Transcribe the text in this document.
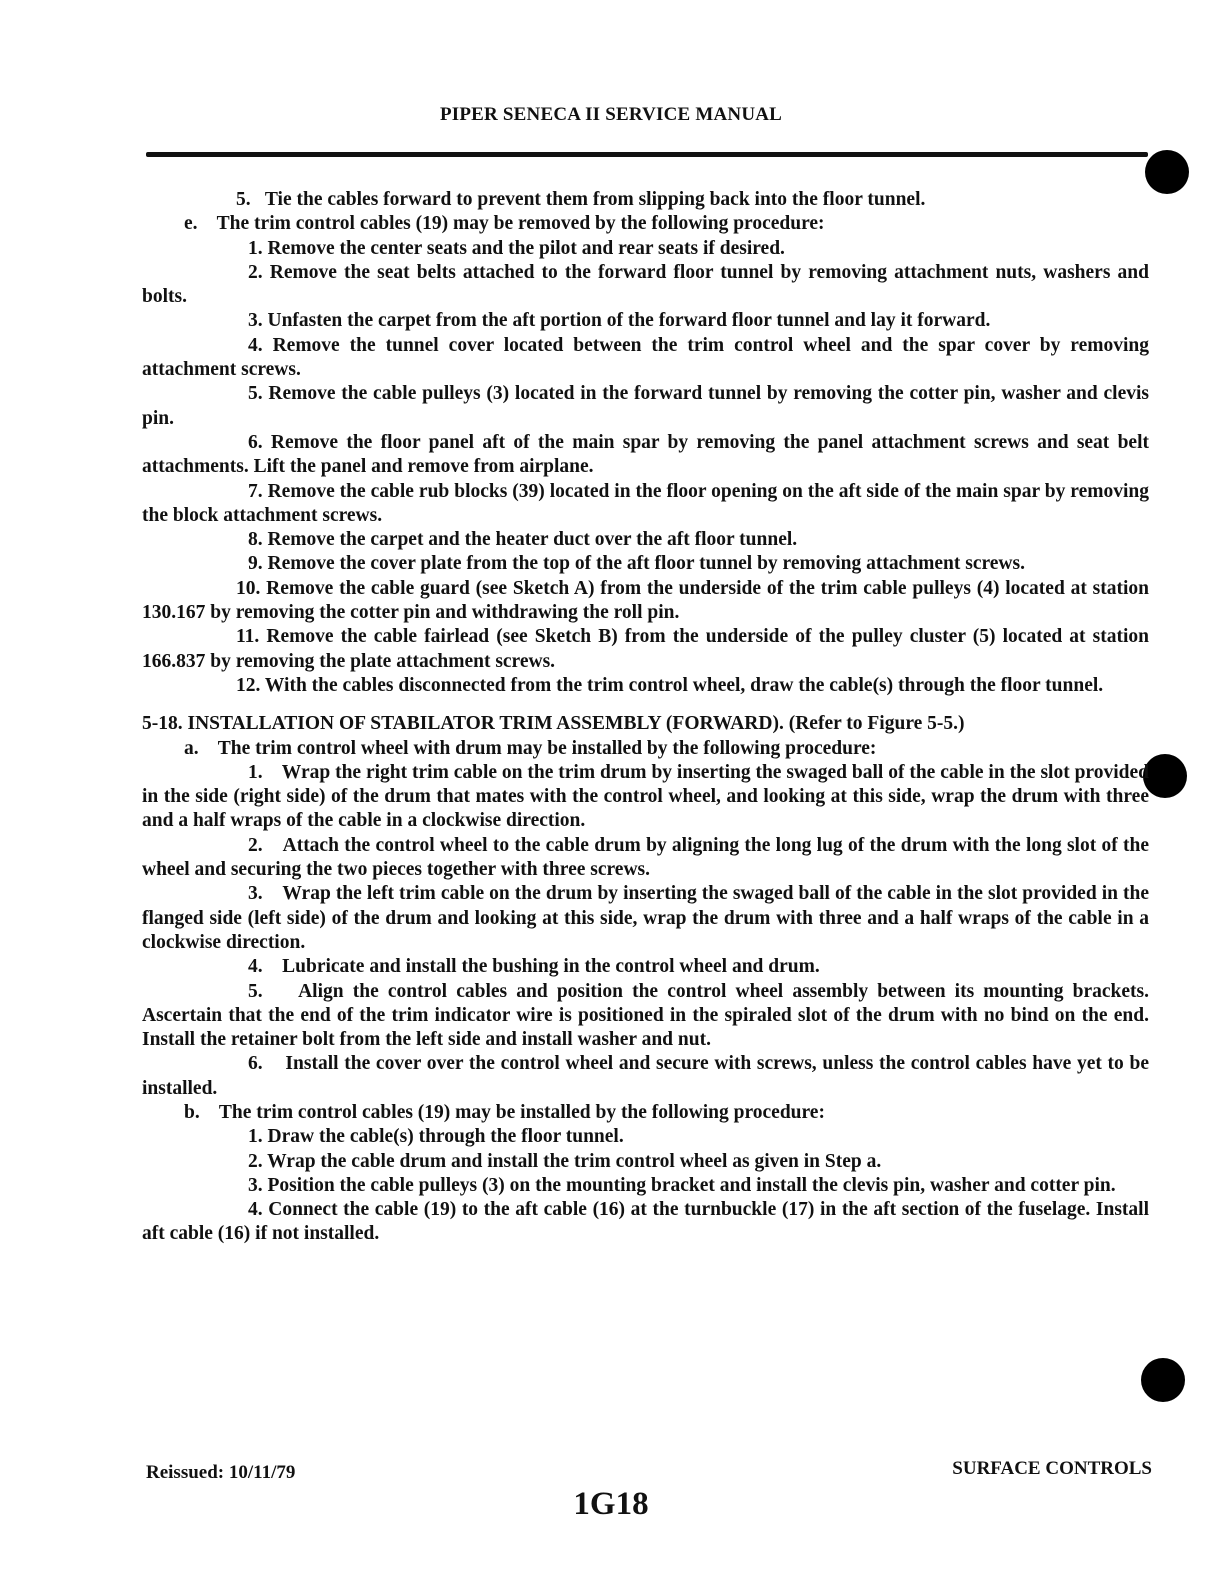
PIPER SENECA II SERVICE MANUAL

5.   Tie the cables forward to prevent them from slipping back into the floor tunnel.

e.    The trim control cables (19) may be removed by the following procedure:

1. Remove the center seats and the pilot and rear seats if desired.

2. Remove the seat belts attached to the forward floor tunnel by removing attachment nuts, washers and bolts.

3. Unfasten the carpet from the aft portion of the forward floor tunnel and lay it forward.

4. Remove the tunnel cover located between the trim control wheel and the spar cover by removing attachment screws.

5. Remove the cable pulleys (3) located in the forward tunnel by removing the cotter pin, washer and clevis pin.

6. Remove the floor panel aft of the main spar by removing the panel attachment screws and seat belt attachments. Lift the panel and remove from airplane.

7. Remove the cable rub blocks (39) located in the floor opening on the aft side of the main spar by removing the block attachment screws.

8. Remove the carpet and the heater duct over the aft floor tunnel.

9. Remove the cover plate from the top of the aft floor tunnel by removing attachment screws.

10. Remove the cable guard (see Sketch A) from the underside of the trim cable pulleys (4) located at station 130.167 by removing the cotter pin and withdrawing the roll pin.

11. Remove the cable fairlead (see Sketch B) from the underside of the pulley cluster (5) located at station 166.837 by removing the plate attachment screws.

12. With the cables disconnected from the trim control wheel, draw the cable(s) through the floor tunnel.

5-18. INSTALLATION OF STABILATOR TRIM ASSEMBLY (FORWARD). (Refer to Figure 5-5.)

a.    The trim control wheel with drum may be installed by the following procedure:

1.    Wrap the right trim cable on the trim drum by inserting the swaged ball of the cable in the slot provided in the side (right side) of the drum that mates with the control wheel, and looking at this side, wrap the drum with three and a half wraps of the cable in a clockwise direction.

2.    Attach the control wheel to the cable drum by aligning the long lug of the drum with the long slot of the wheel and securing the two pieces together with three screws.

3.    Wrap the left trim cable on the drum by inserting the swaged ball of the cable in the slot provided in the flanged side (left side) of the drum and looking at this side, wrap the drum with three and a half wraps of the cable in a clockwise direction.

4.    Lubricate and install the bushing in the control wheel and drum.

5.    Align the control cables and position the control wheel assembly between its mounting brackets. Ascertain that the end of the trim indicator wire is positioned in the spiraled slot of the drum with no bind on the end. Install the retainer bolt from the left side and install washer and nut.

6.    Install the cover over the control wheel and secure with screws, unless the control cables have yet to be installed.

b.    The trim control cables (19) may be installed by the following procedure:

1. Draw the cable(s) through the floor tunnel.

2. Wrap the cable drum and install the trim control wheel as given in Step a.

3. Position the cable pulleys (3) on the mounting bracket and install the clevis pin, washer and cotter pin.

4. Connect the cable (19) to the aft cable (16) at the turnbuckle (17) in the aft section of the fuselage. Install aft cable (16) if not installed.

Reissued: 10/11/79	SURFACE CONTROLS
1G18
